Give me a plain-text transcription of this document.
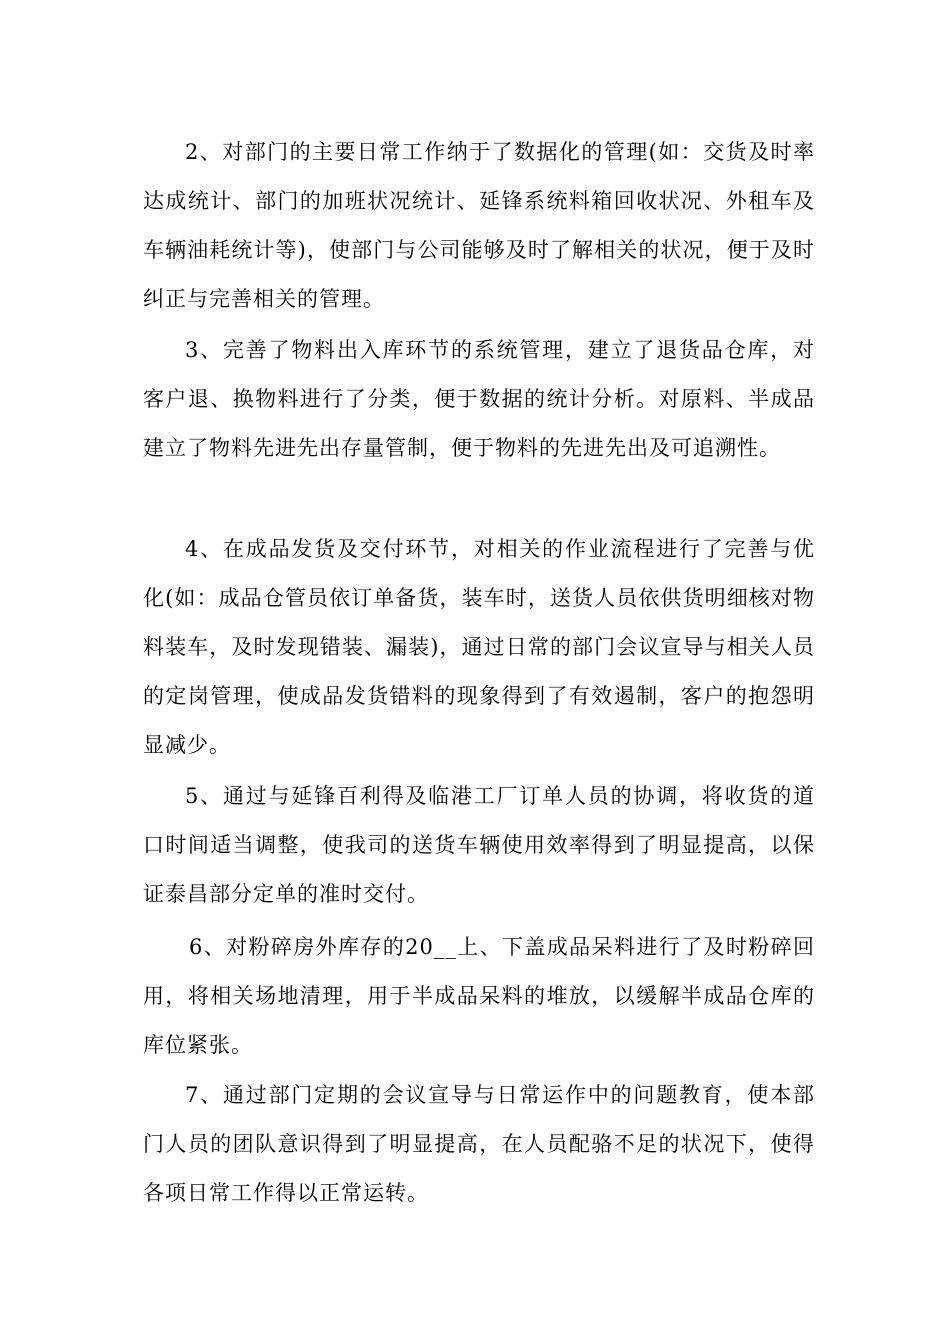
2、对部门的主要日常工作纳于了数据化的管理(如：交货及时率达成统计、部门的加班状况统计、延锋系统料箱回收状况、外租车及车辆油耗统计等)，使部门与公司能够及时了解相关的状况，便于及时纠正与完善相关的管理。

3、完善了物料出入库环节的系统管理，建立了退货品仓库，对客户退、换物料进行了分类，便于数据的统计分析。对原料、半成品建立了物料先进先出存量管制，便于物料的先进先出及可追溯性。

4、在成品发货及交付环节，对相关的作业流程进行了完善与优化(如：成品仓管员依订单备货，装车时，送货人员依供货明细核对物料装车，及时发现错装、漏装)，通过日常的部门会议宣导与相关人员的定岗管理，使成品发货错料的现象得到了有效遏制，客户的抱怨明显减少。

5、通过与延锋百利得及临港工厂订单人员的协调，将收货的道口时间适当调整，使我司的送货车辆使用效率得到了明显提高，以保证泰昌部分定单的准时交付。

6、对粉碎房外库存的20__上、下盖成品呆料进行了及时粉碎回用，将相关场地清理，用于半成品呆料的堆放，以缓解半成品仓库的库位紧张。

7、通过部门定期的会议宣导与日常运作中的问题教育，使本部门人员的团队意识得到了明显提高，在人员配骆不足的状况下，使得各项日常工作得以正常运转。
